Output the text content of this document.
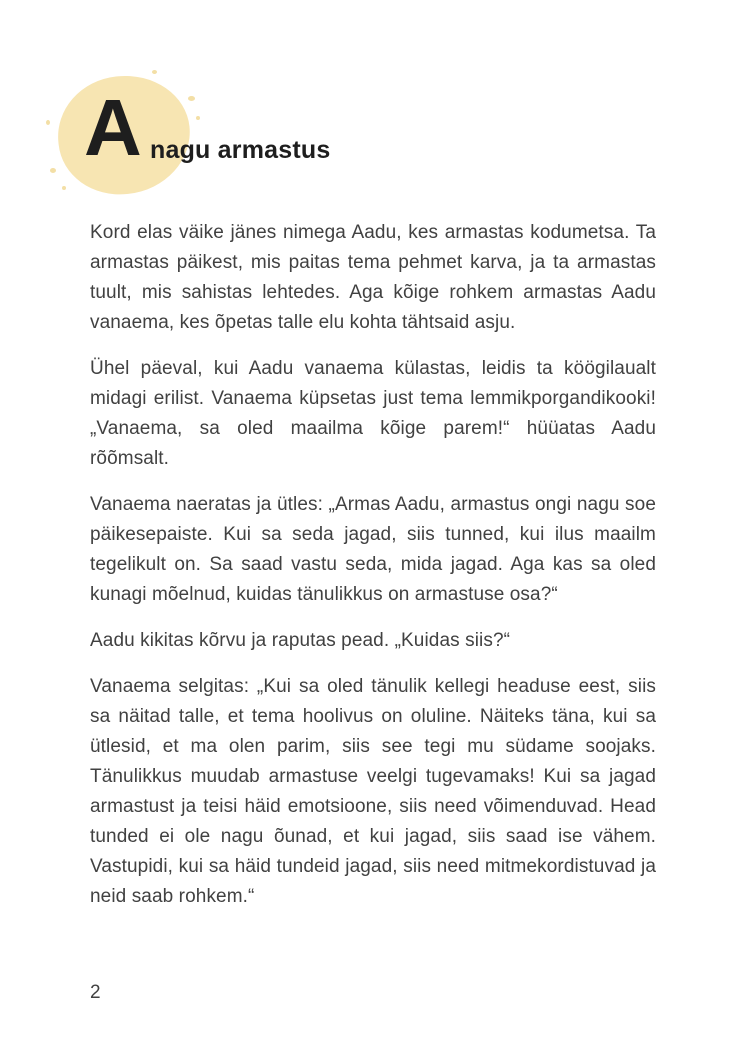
A nagu armastus

Kord elas väike jänes nimega Aadu, kes armastas kodumetsa. Ta armastas päikest, mis paitas tema pehmet karva, ja ta armastas tuult, mis sahistas lehtedes. Aga kõige rohkem armastas Aadu vanaema, kes õpetas talle elu kohta tähtsaid asju.

Ühel päeval, kui Aadu vanaema külastas, leidis ta köögilaualt midagi erilist. Vanaema küpsetas just tema lemmikporgandikooki! „Vanaema, sa oled maailma kõige parem!“ hüüatas Aadu rõõmsalt.

Vanaema naeratas ja ütles: „Armas Aadu, armastus ongi nagu soe päikesepaiste. Kui sa seda jagad, siis tunned, kui ilus maailm tegelikult on. Sa saad vastu seda, mida jagad. Aga kas sa oled kunagi mõelnud, kuidas tänulikkus on armastuse osa?“

Aadu kikitas kõrvu ja raputas pead. „Kuidas siis?“

Vanaema selgitas: „Kui sa oled tänulik kellegi headuse eest, siis sa näitad talle, et tema hoolivus on oluline. Näiteks täna, kui sa ütlesid, et ma olen parim, siis see tegi mu südame soojaks. Tänulikkus muudab armastuse veelgi tugevamaks! Kui sa jagad armastust ja teisi häid emotsioone, siis need võimenduvad. Head tunded ei ole nagu õunad, et kui jagad, siis saad ise vähem. Vastupidi, kui sa häid tundeid jagad, siis need mitmekordistuvad ja neid saab rohkem.“

2
